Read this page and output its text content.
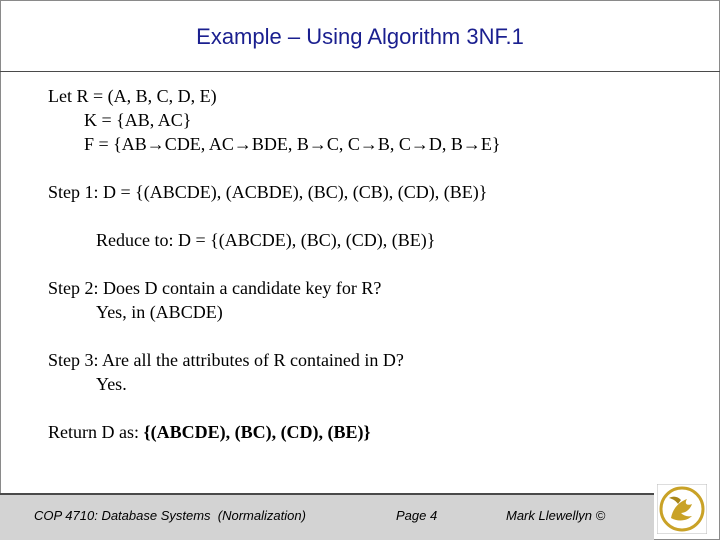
Example – Using Algorithm 3NF.1
Let R = (A, B, C, D, E)
K = {AB, AC}
F = {AB→CDE, AC→BDE, B→C, C→B, C→D, B→E}
Step 1: D = {(ABCDE), (ACBDE), (BC), (CB), (CD), (BE)}
Reduce to: D = {(ABCDE), (BC), (CD), (BE)}
Step 2: Does D contain a candidate key for R?
Yes, in (ABCDE)
Step 3: Are all the attributes of R contained in D?
Yes.
Return D as: {(ABCDE), (BC), (CD), (BE)}
COP 4710: Database Systems  (Normalization)	Page 4	Mark Llewellyn ©
